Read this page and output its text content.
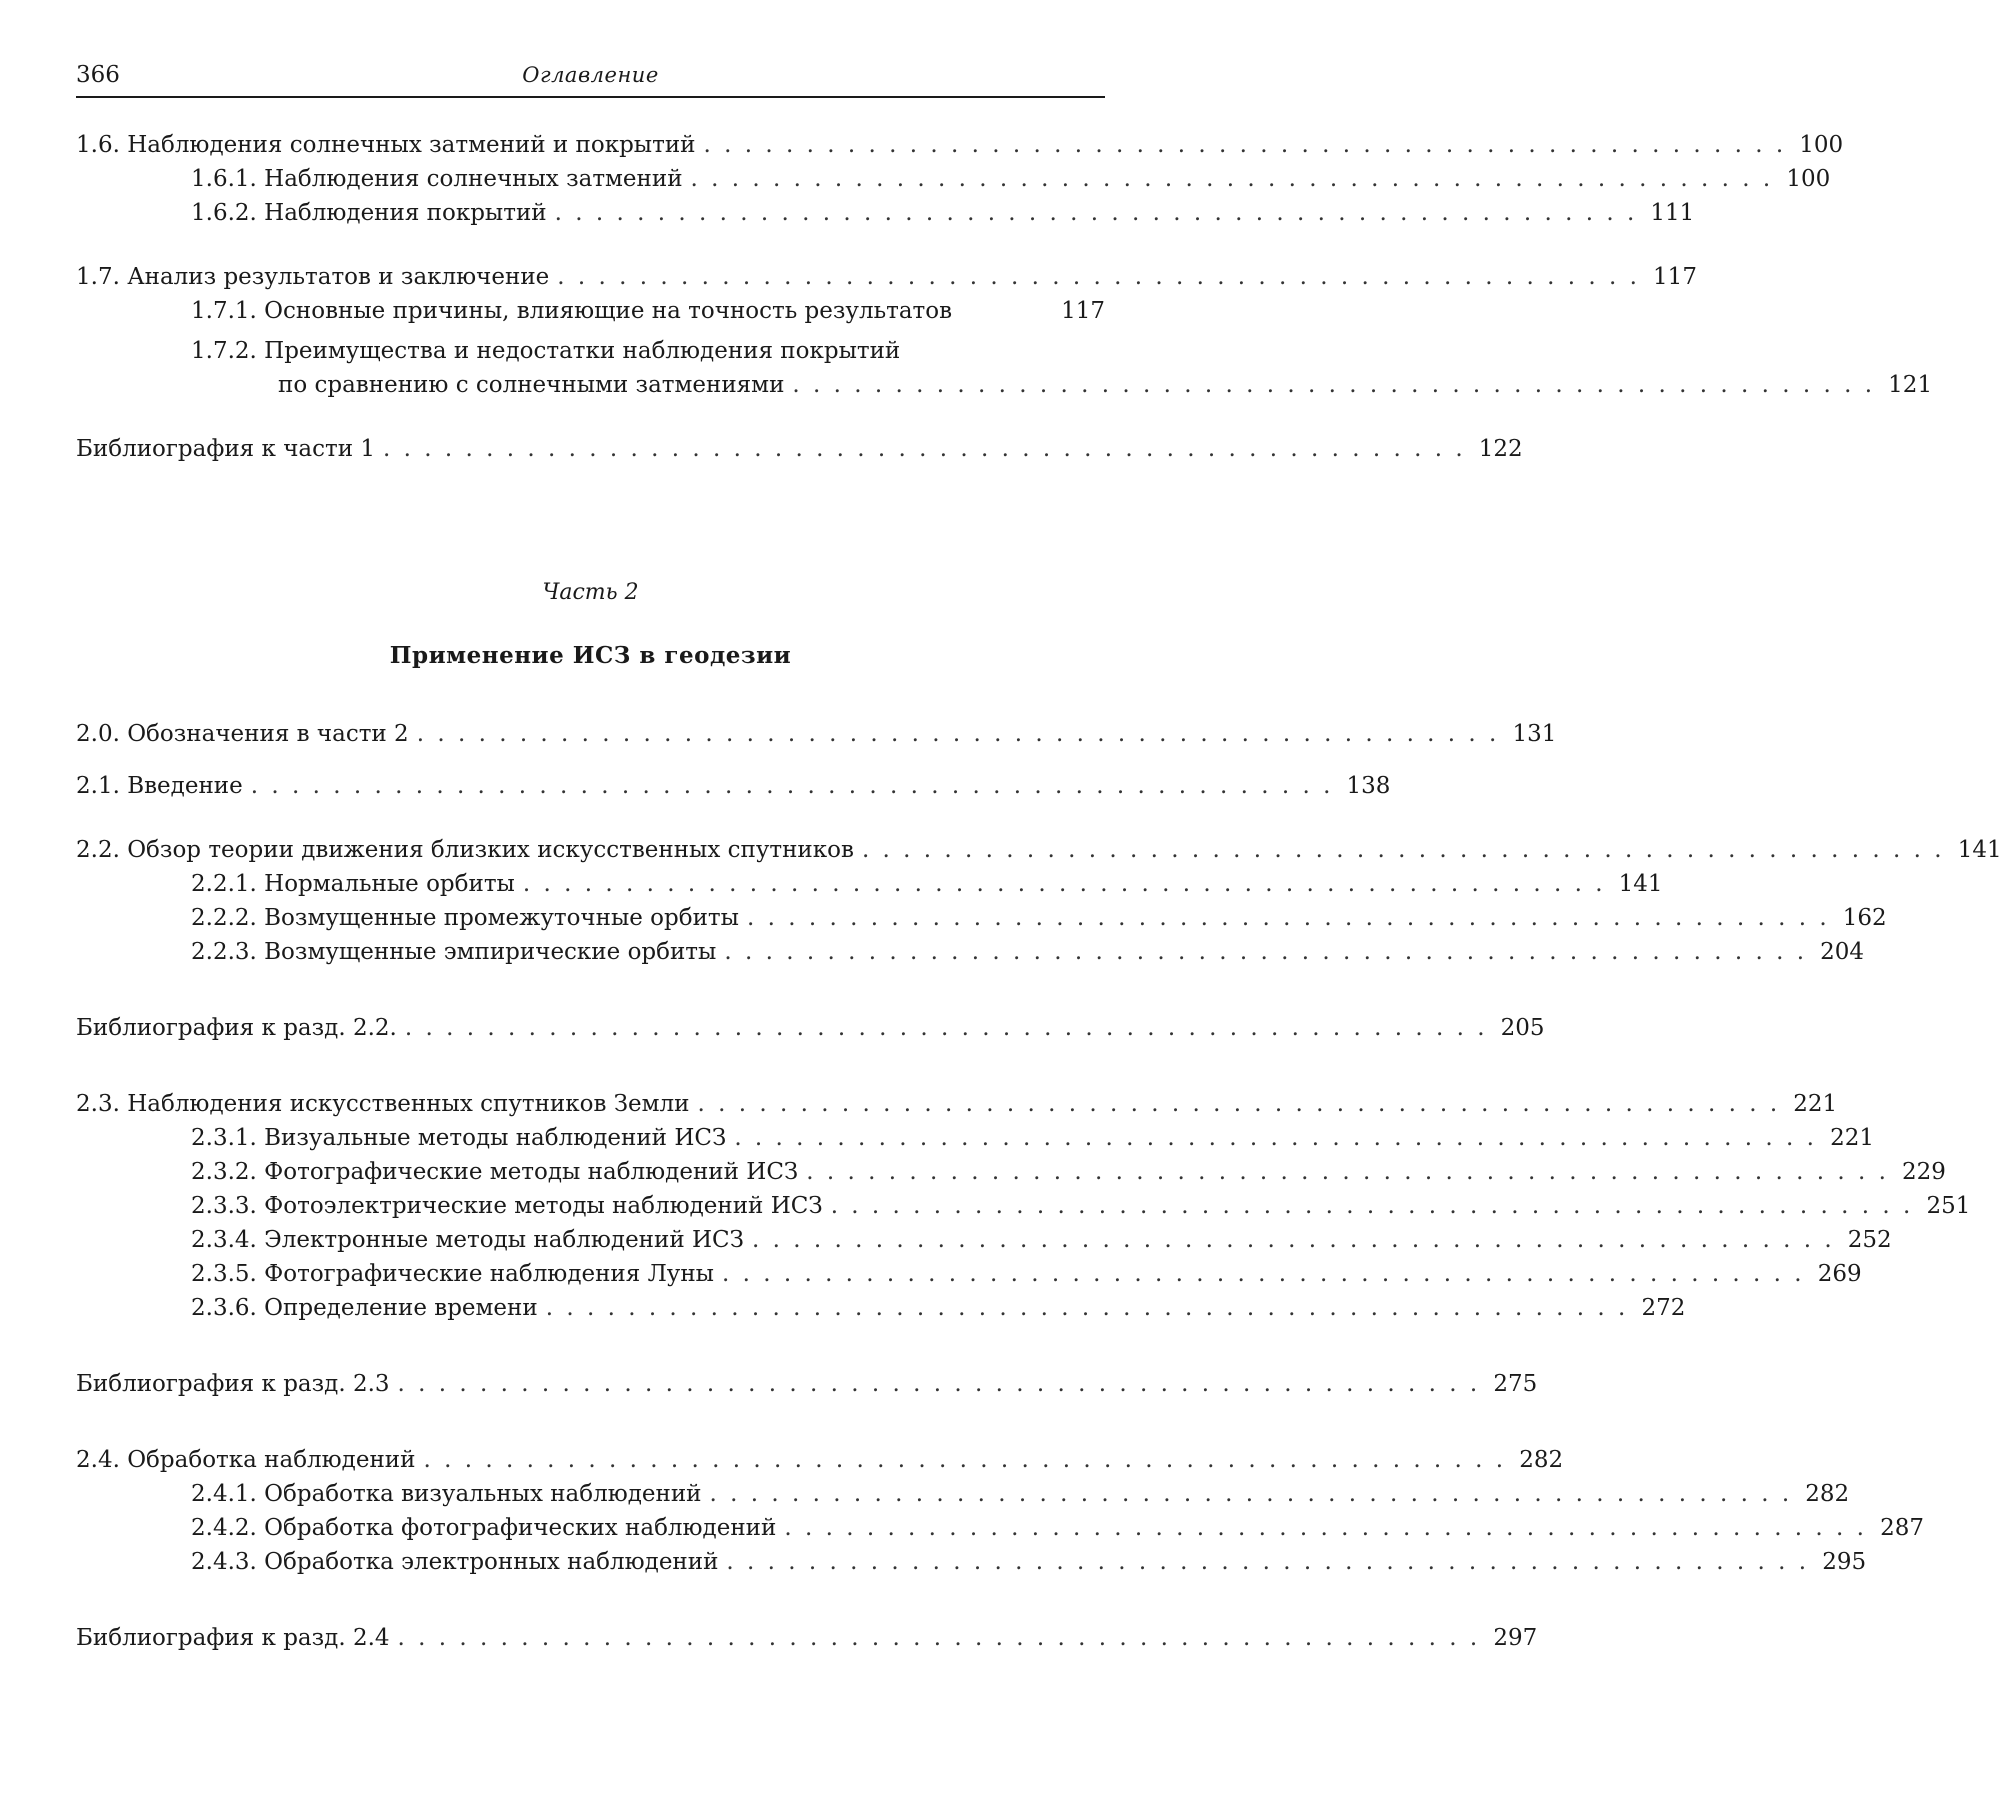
366	Оглавление
1.6. Наблюдения солнечных затмений и покрытий . . .	100
1.6.1. Наблюдения солнечных затмений . . .	100
1.6.2. Наблюдения покрытий . . .	111
1.7. Анализ результатов и заключение . . .	117
1.7.1. Основные причины, влияющие на точность результатов	117
1.7.2. Преимущества и недостатки наблюдения покрытий
по сравнению с солнечными затмениями . . .	121
Библиография к части 1 . . .	122
Часть 2
Применение ИСЗ в геодезии
2.0. Обозначения в части 2 . . .	131
2.1. Введение . . .	138
2.2. Обзор теории движения близких искусственных спутников . . .	141
2.2.1. Нормальные орбиты . . .	141
2.2.2. Возмущенные промежуточные орбиты . . .	162
2.2.3. Возмущенные эмпирические орбиты . . .	204
Библиография к разд. 2.2. . . .	205
2.3. Наблюдения искусственных спутников Земли . . .	221
2.3.1. Визуальные методы наблюдений ИСЗ . . .	221
2.3.2. Фотографические методы наблюдений ИСЗ . . .	229
2.3.3. Фотоэлектрические методы наблюдений ИСЗ . . .	251
2.3.4. Электронные методы наблюдений ИСЗ . . .	252
2.3.5. Фотографические наблюдения Луны . . .	269
2.3.6. Определение времени . . .	272
Библиография к разд. 2.3 . . .	275
2.4. Обработка наблюдений . . .	282
2.4.1. Обработка визуальных наблюдений . . .	282
2.4.2. Обработка фотографических наблюдений . . .	287
2.4.3. Обработка электронных наблюдений . . .	295
Библиография к разд. 2.4 . . .	297
